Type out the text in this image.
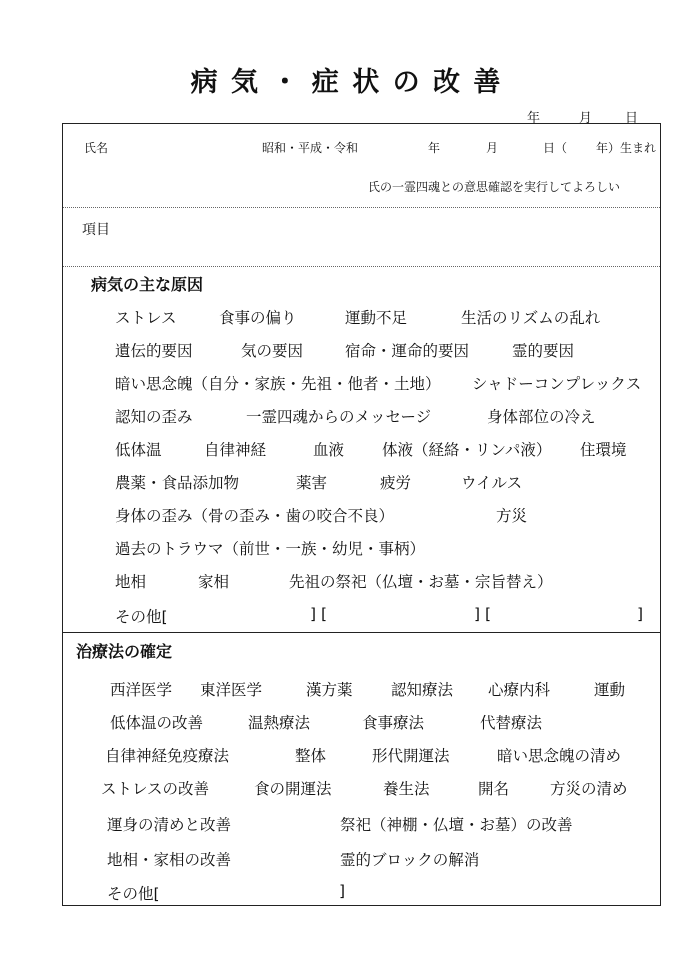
病 気 ・ 症 状 の 改 善
年	月	日
氏名	昭和・平成・令和	年	月	日（ 年）生まれ
氏の一霊四魂との意思確認を実行してよろしい
項目
病気の主な原因
ストレス	食事の偏り	運動不足	生活のリズムの乱れ
遺伝的要因	気の要因	宿命・運命的要因	霊的要因
暗い思念魄（自分・家族・先祖・他者・土地） シャドーコンプレックス
認知の歪み	一霊四魂からのメッセージ	身体部位の冷え
低体温	自律神経	血液 体液（経絡・リンパ液） 住環境
農薬・食品添加物	薬害	疲労	ウイルス
身体の歪み（骨の歪み・歯の咬合不良）	方災
過去のトラウマ（前世・一族・幼児・事柄）
地相	家相	先祖の祭祀（仏壇・お墓・宗旨替え）
その他[	] [	] [	]
治療法の確定
西洋医学 東洋医学	漢方薬 認知療法 心療内科	運動
低体温の改善	温熱療法	食事療法	代替療法
自律神経免疫療法	整体	形代開運法	暗い思念魄の清め
ストレスの改善	食の開運法	養生法	開名	方災の清め
運身の清めと改善	祭祀（神棚・仏壇・お墓）の改善
地相・家相の改善	霊的ブロックの解消
その他[	]
